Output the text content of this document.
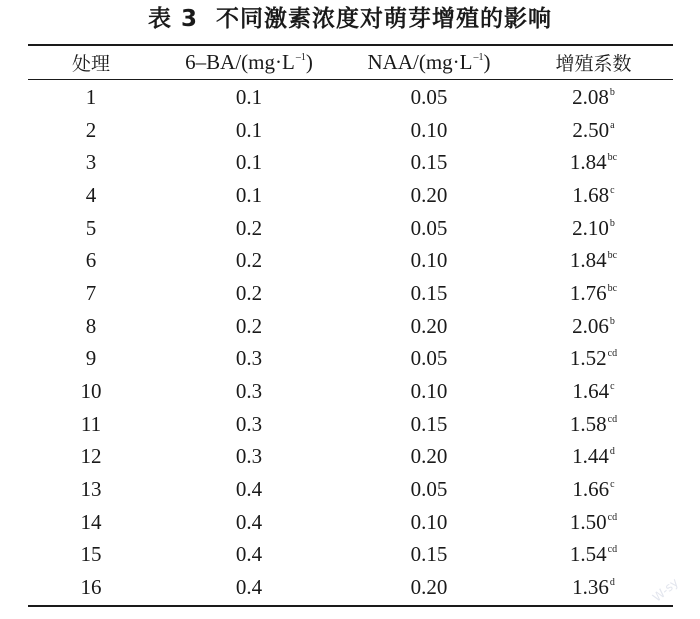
表 3 不同激素浓度对萌芽增殖的影响
处理	$6-BA/(mg\cdot L^{-1})$	NAA/$(mg\cdot L^{-1})$	增殖系数
1	0.1	0.05	2.08$^b$
2	0.1	0.10	2.50$^a$
3	0.1	0.15	1.84$^{bc}$
4	0.1	0.20	1.68$^c$
5	0.2	0.05	2.10$^b$
6	0.2	0.10	1.84$^{bc}$
7	0.2	0.15	1.76$^{bc}$
8	0.2	0.20	2.06$^b$
9	0.3	0.05	1.52$^{cd}$
10	0.3	0.10	1.64$^c$
11	0.3	0.15	1.58$^{cd}$
12	0.3	0.20	1.44$^d$
13	0.4	0.05	1.66$^c$
14	0.4	0.10	1.50$^{cd}$
15	0.4	0.15	1.54$^{cd}$
16	0.4	0.20	1.36$^d$	W-sy
